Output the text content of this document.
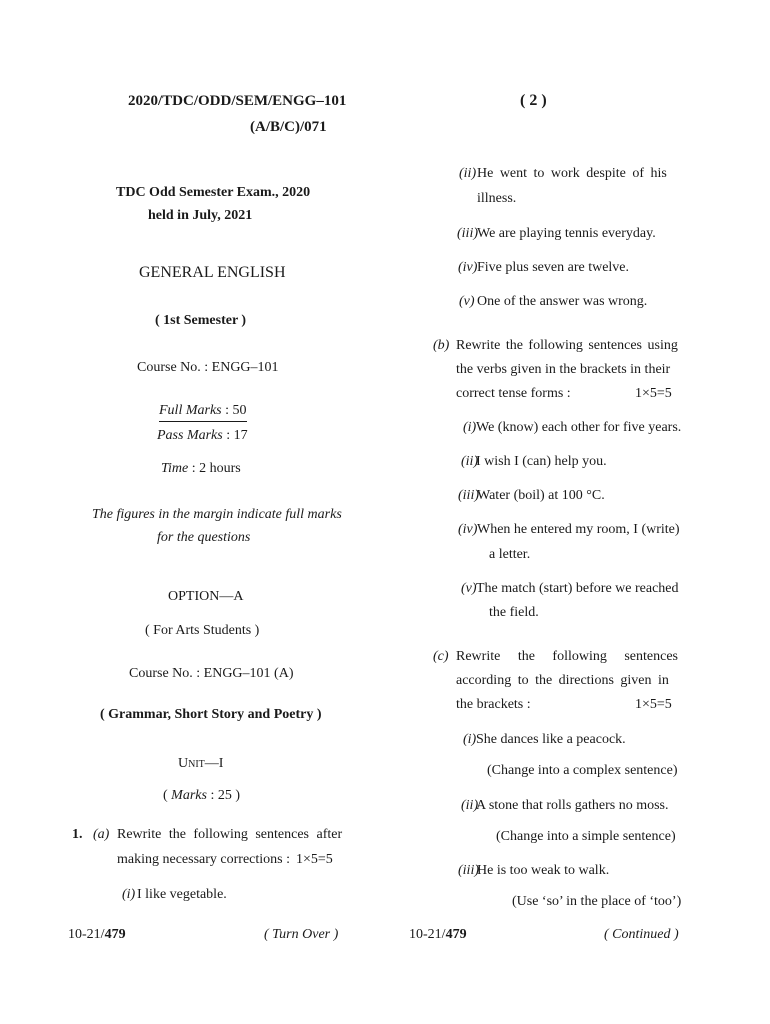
2020/TDC/ODD/SEM/ENGG–101
(A/B/C)/071
TDC Odd Semester Exam., 2020
held in July, 2021
GENERAL ENGLISH
( 1st Semester )
Course No. : ENGG–101
Full Marks : 50
Pass Marks : 17
Time : 2 hours
The figures in the margin indicate full marks
for the questions
OPTION—A
( For Arts Students )
Course No. : ENGG–101 (A)
( Grammar, Short Story and Poetry )
Unit—I
( Marks : 25 )
1. (a) Rewrite the following sentences after
making necessary corrections : 1×5=5
(i) I like vegetable.
10-21/479	( Turn Over )
( 2 )
(ii) He went to work despite of his
illness.
(iii) We are playing tennis everyday.
(iv) Five plus seven are twelve.
(v) One of the answer was wrong.
(b) Rewrite the following sentences using
the verbs given in the brackets in their
correct tense forms :	1×5=5
(i) We (know) each other for five years.
(ii)
I wish I (can) help you.
(iii)
Water (boil) at 100 °C.
(iv) When he entered my room, I (write)
a letter.
(v) The match (start) before we reached
the field.
(c) Rewrite the following sentences
according to the directions given in
the brackets :	1×5=5
(i) She dances like a peacock.
(Change into a complex sentence)
(ii)
A stone that rolls gathers no moss.
(Change into a simple sentence)
(iii)
He is too weak to walk.
(Use ‘so’ in the place of ‘too’)
10-21/479	( Continued )
